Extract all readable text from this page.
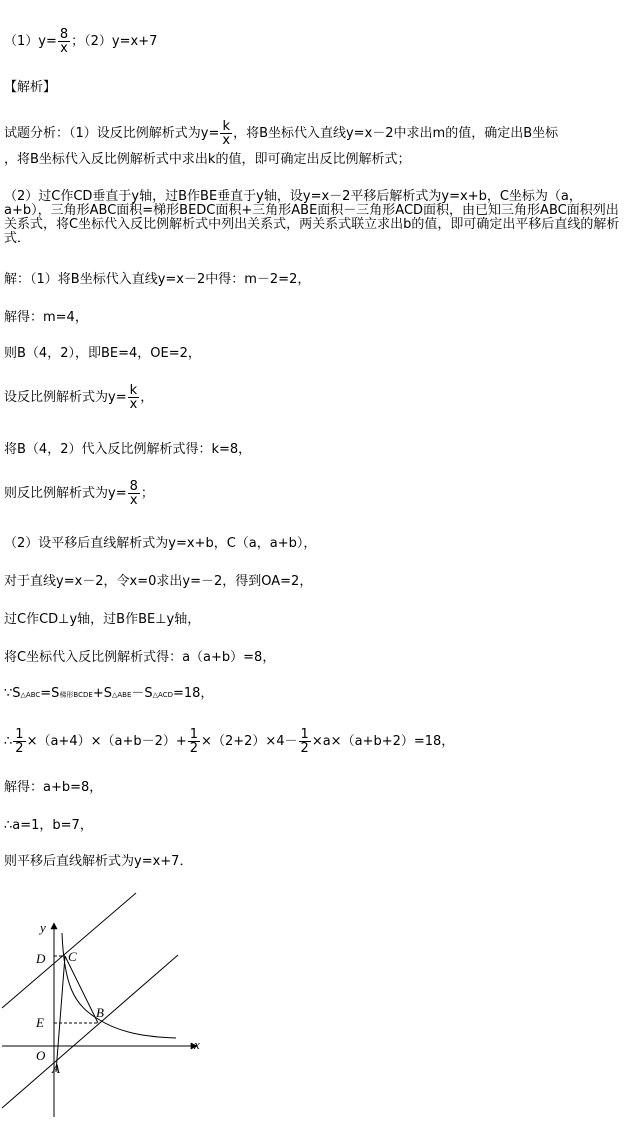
$(1)y= \frac{8}{x}$ ；（2）y=x+7
【解析】
试题分析：（1）设反比例解析式为$y= \frac{k}{x}$ ，将B坐标代入直线y=x－2中求出m的值，确定出B坐标
，将B坐标代入反比例解析式中求出k的值，即可确定出反比例解析式；
（2）过C作CD垂直于y轴，过B作BE垂直于y轴，设y=x－2平移后解析式为y=x+b，C坐标为（a，a+b），三角形ABC面积=梯形BEDC面积+三角形ABE面积－三角形ACD面积，由已知三角形ABC面积列出关系式，将C坐标代入反比例解析式中列出关系式，两关系式联立求出b的值，即可确定出平移后直线的解析式．
解：（1）将B坐标代入直线y=x－2中得：m－2=2，
解得：m=4，
则B（4，2），即BE=4，OE=2，
设反比例解析式为$y= \frac{k}{x}$ ，
将B（4，2）代入反比例解析式得：k=8，
则反比例解析式为$y= \frac{8}{x}$ ；
（2）设平移后直线解析式为y=x+b，C（a，a+b），
对于直线y=x－2，令x=0求出y=－2，得到OA=2，
过C作CD⊥y轴，过B作BE⊥y轴，
将C坐标代入反比例解析式得：a（a+b）=8，
∵S△ABC=S梯形BCDE+S△ABE－S△ACD=18，
∴ $\frac{1}{2} \times(a+4)\times(a+b-2)+ \frac{1}{2} \times(2+2)\times 4- \frac{1}{2} \times a\times(a+b+2)=18$，
解得：a+b=8，
∴a=1，b=7，
则平移后直线解析式为y=x+7．
y
x
D C
E
B
O
A
